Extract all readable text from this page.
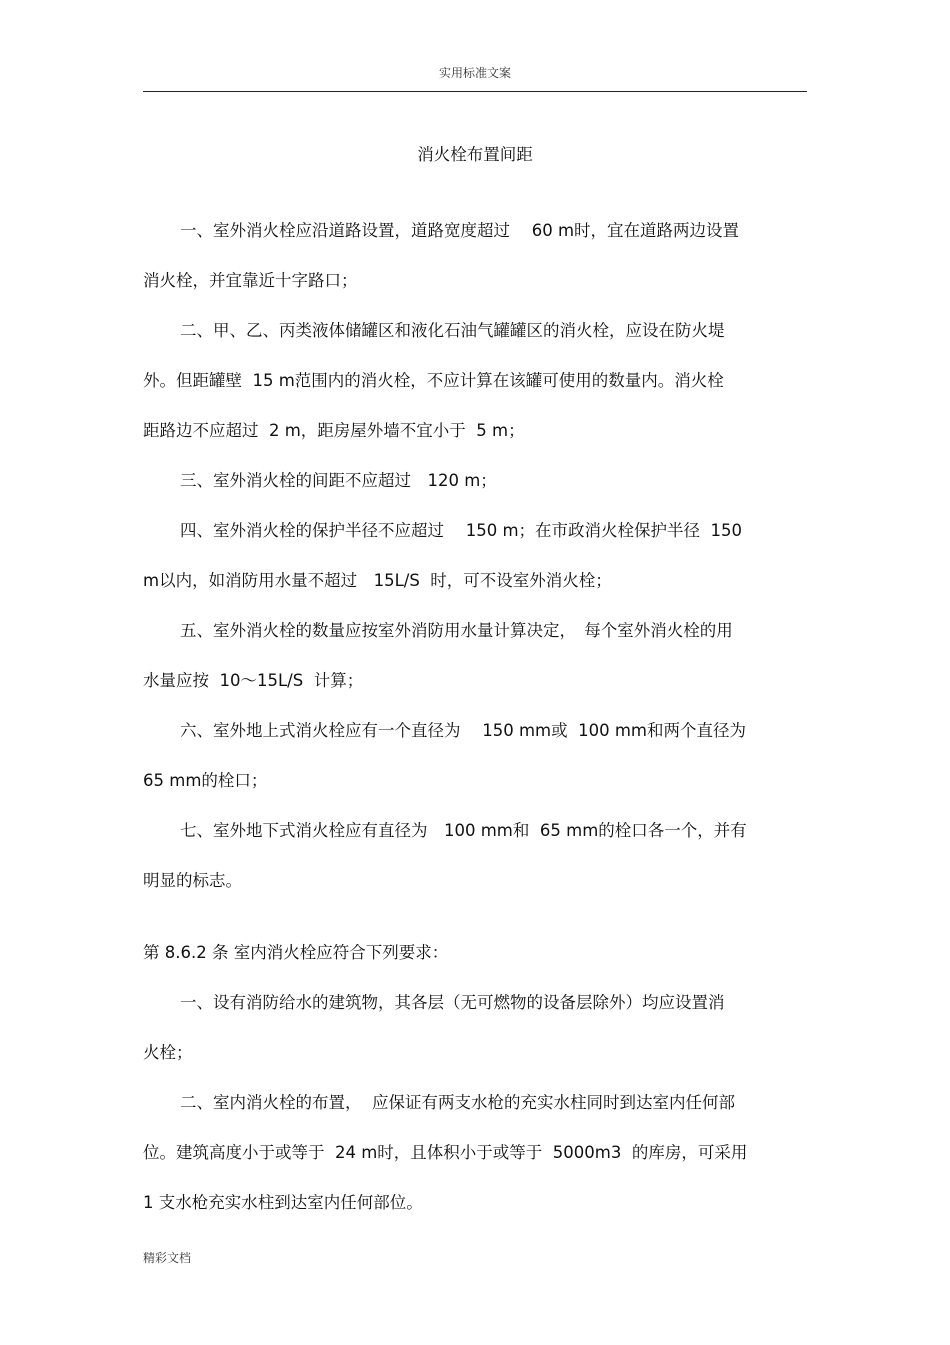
实用标准文案
消火栓布置间距
一、室外消火栓应沿道路设置，道路宽度超过　 60 m时，宜在道路两边设置
消火栓，并宜靠近十字路口；
二、甲、乙、丙类液体储罐区和液化石油气罐罐区的消火栓，应设在防火堤
外。但距罐壁  15 m范围内的消火栓，不应计算在该罐可使用的数量内。消火栓
距路边不应超过  2 m，距房屋外墙不宜小于  5 m；
三、室外消火栓的间距不应超过　120 m；
四、室外消火栓的保护半径不应超过　 150 m；在市政消火栓保护半径  150
m以内，如消防用水量不超过　15L/S  时，可不设室外消火栓；
五、室外消火栓的数量应按室外消防用水量计算决定，　每个室外消火栓的用
水量应按  10～15L/S  计算；
六、室外地上式消火栓应有一个直径为　 150 mm或  100 mm和两个直径为
65 mm的栓口；
七、室外地下式消火栓应有直径为　100 mm和  65 mm的栓口各一个，并有
明显的标志。
第 8.6.2 条 室内消火栓应符合下列要求：
一、设有消防给水的建筑物，其各层（无可燃物的设备层除外）均应设置消
火栓；
二、室内消火栓的布置，  应保证有两支水枪的充实水柱同时到达室内任何部
位。建筑高度小于或等于  24 m时，且体积小于或等于  5000m3  的库房，可采用
1 支水枪充实水柱到达室内任何部位。
精彩文档
